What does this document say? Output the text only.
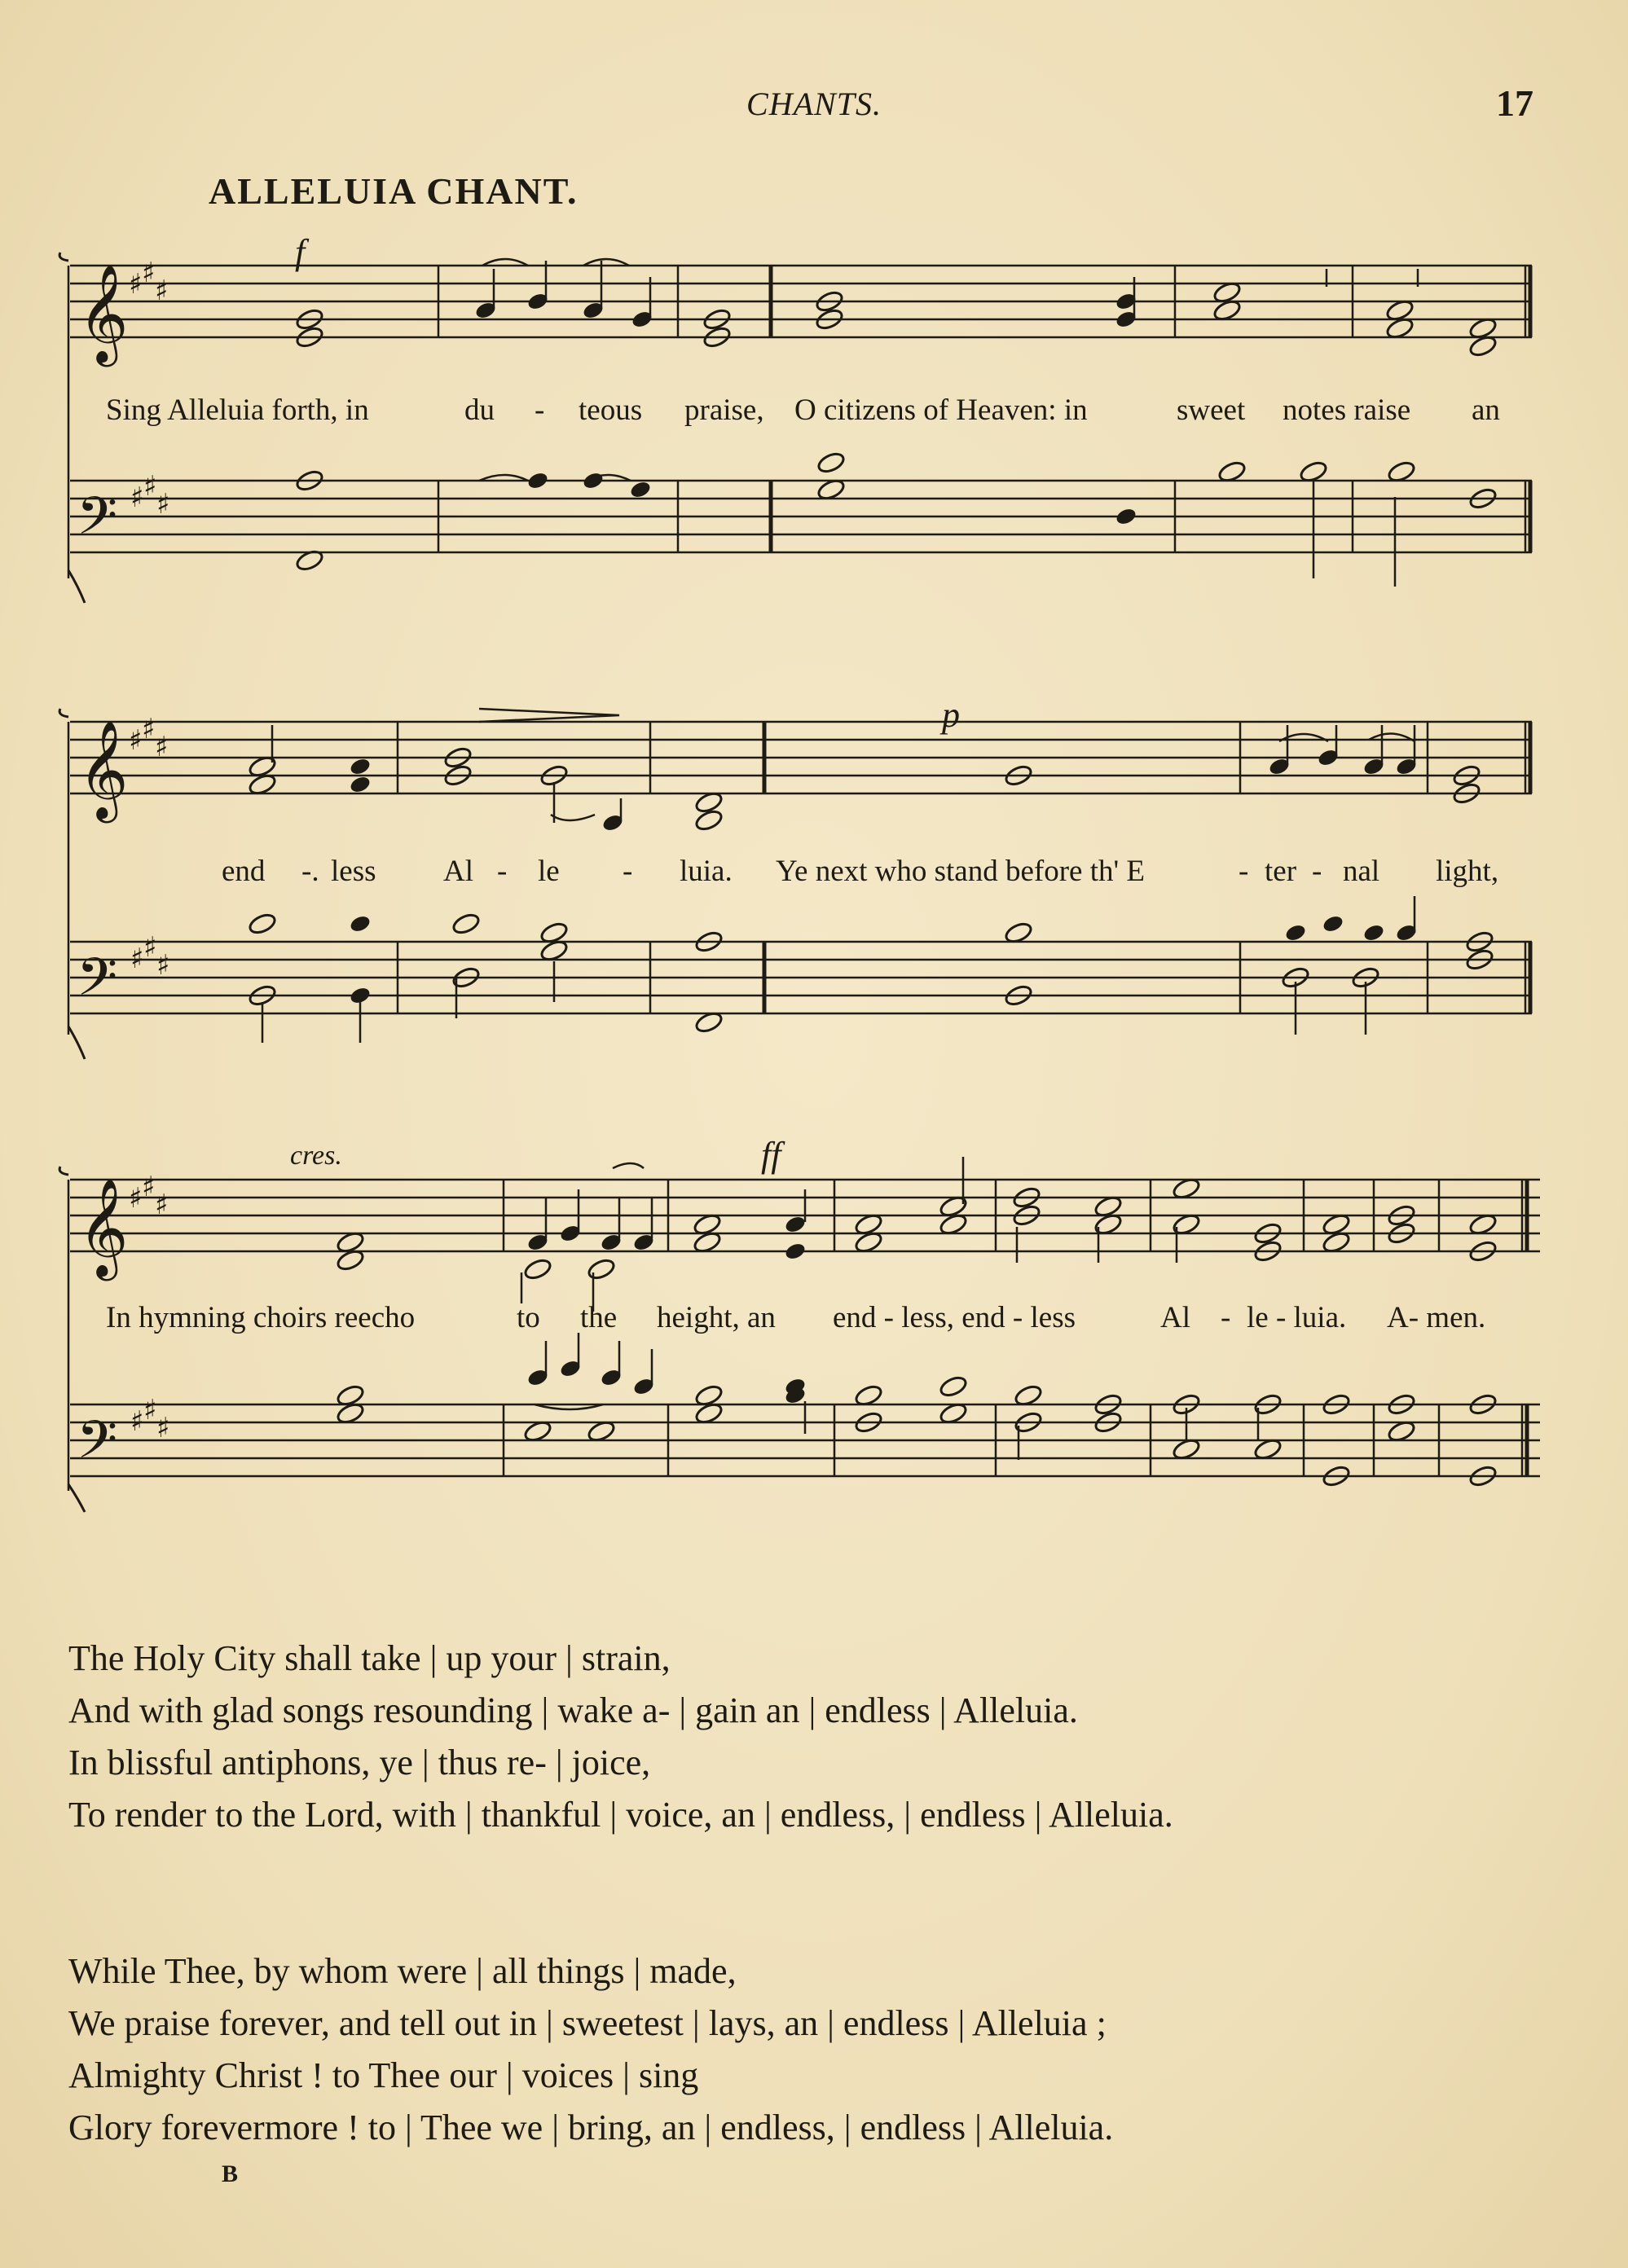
CHANTS.	17
ALLELUIA CHANT.
𝄞 ♯ ♯
♯
𝄢 ♯ ♯
♯
f
Sing Alleluia forth, in	du - teous praise, O citizens of Heaven: in	sweet notes raise an
𝄞 ♯ ♯
♯
𝄢 ♯ ♯
♯
p
end -. less Al - le - luia. Ye next who stand before th' E	- ter - nal light,
𝄞 ♯ ♯
♯
𝄢 ♯ ♯
♯
cres.	ff
In hymning choirs reecho	to the height, an end - less, end - less	Al - le - luia. A- men.
The Holy City shall take | up your | strain,
And with glad songs resounding | wake a- | gain an | endless | Alleluia.
In blissful antiphons, ye | thus re- | joice,
To render to the Lord, with | thankful | voice, an | endless, | endless | Alleluia.
While Thee, by whom were | all things | made,
We praise forever, and tell out in | sweetest | lays, an | endless | Alleluia ;
Almighty Christ ! to Thee our | voices | sing
Glory forevermore ! to | Thee we | bring, an | endless, | endless | Alleluia.
B
